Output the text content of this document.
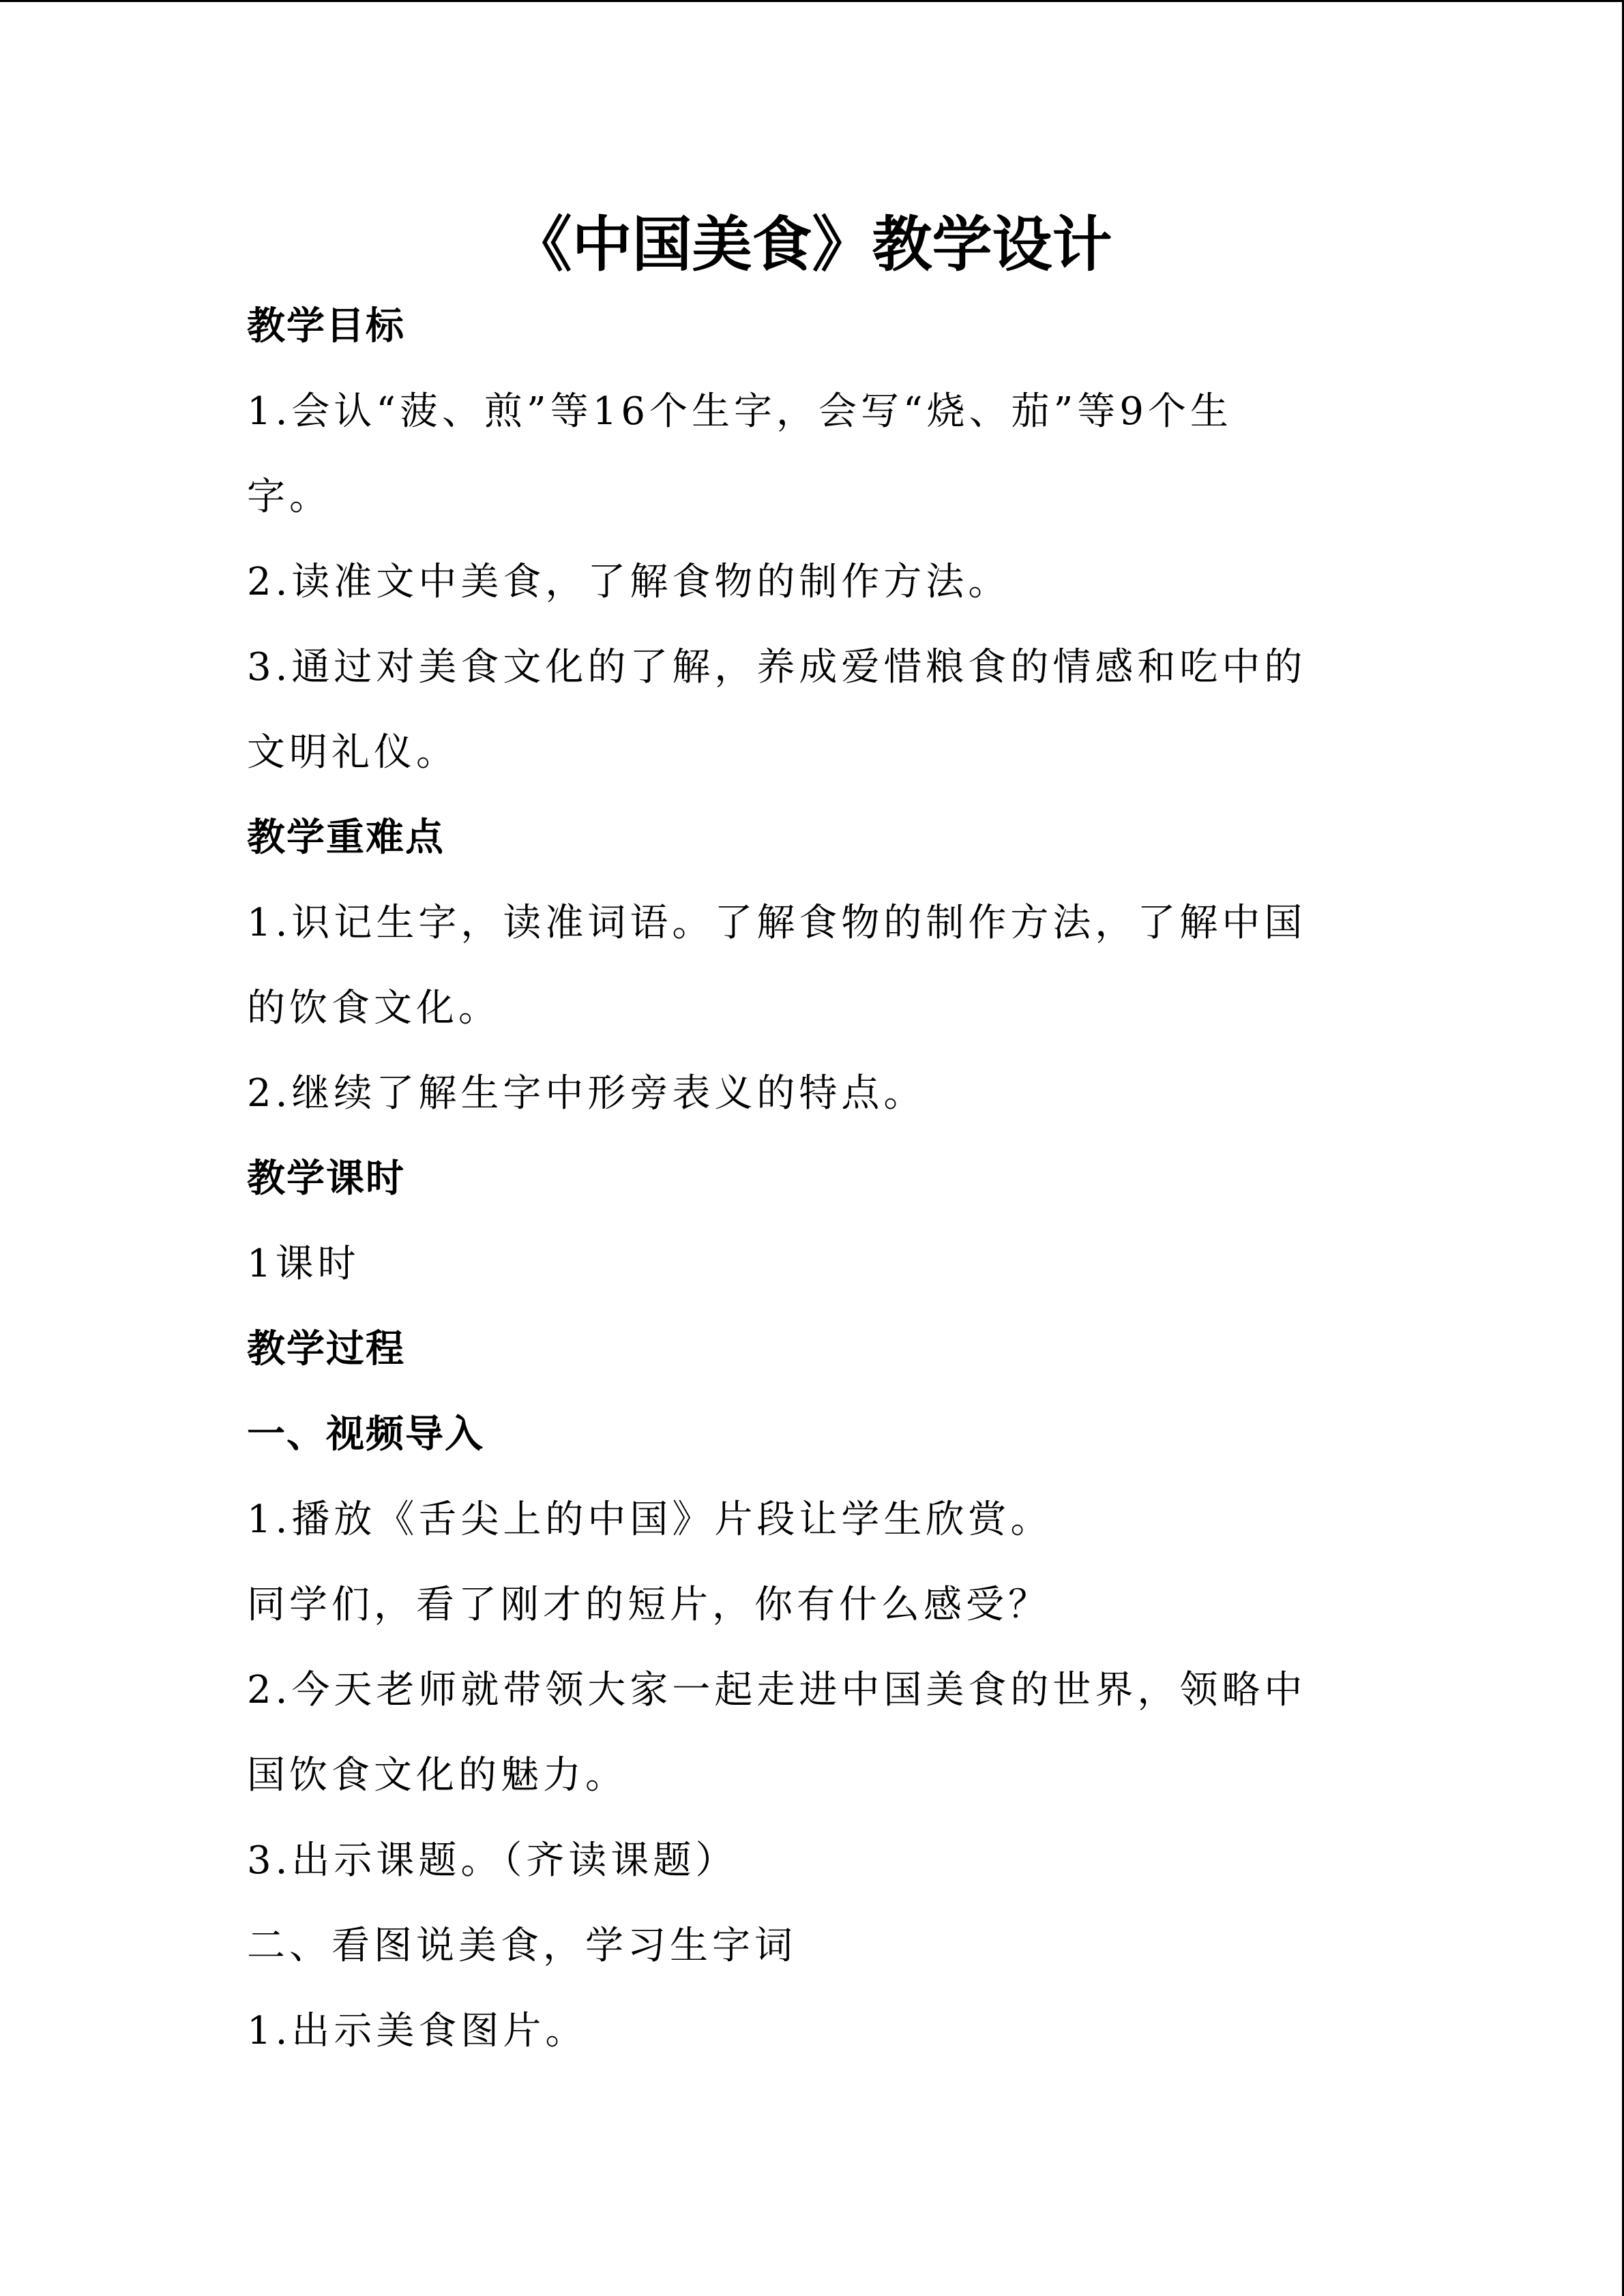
《中国美食》教学设计
教学目标
1.会认“菠、煎”等16个生字，会写“烧、茄”等9个生
字。
2.读准文中美食，了解食物的制作方法。
3.通过对美食文化的了解，养成爱惜粮食的情感和吃中的
文明礼仪。
教学重难点
1.识记生字，读准词语。了解食物的制作方法，了解中国
的饮食文化。
2.继续了解生字中形旁表义的特点。
教学课时
1课时
教学过程
一、视频导入
1.播放《舌尖上的中国》片段让学生欣赏。
同学们，看了刚才的短片，你有什么感受？
2.今天老师就带领大家一起走进中国美食的世界，领略中
国饮食文化的魅力。
3.出示课题。（齐读课题）
二、看图说美食，学习生字词
1.出示美食图片。
